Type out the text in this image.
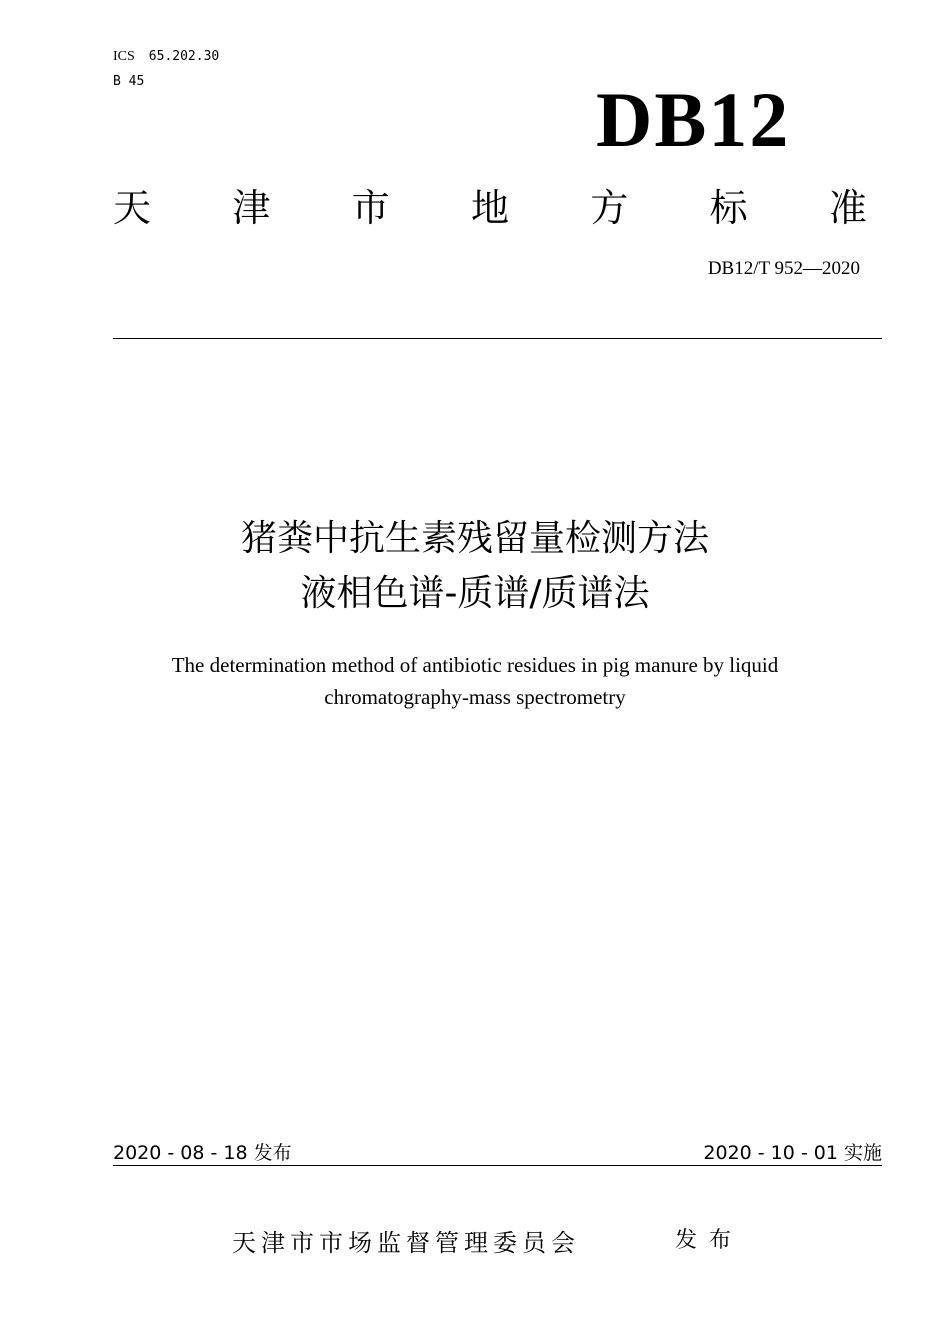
ICS 65.202.30
B 45	DB12
天 津 市 地 方 标 准
DB12/T 952—2020
猪粪中抗生素残留量检测方法
液相色谱-质谱/质谱法
The determination method of antibiotic residues in pig manure by liquid
chromatography-mass spectrometry
2020 - 08 - 18 发布	2020 - 10 - 01 实施
天津市市场监督管理委员会	发布
